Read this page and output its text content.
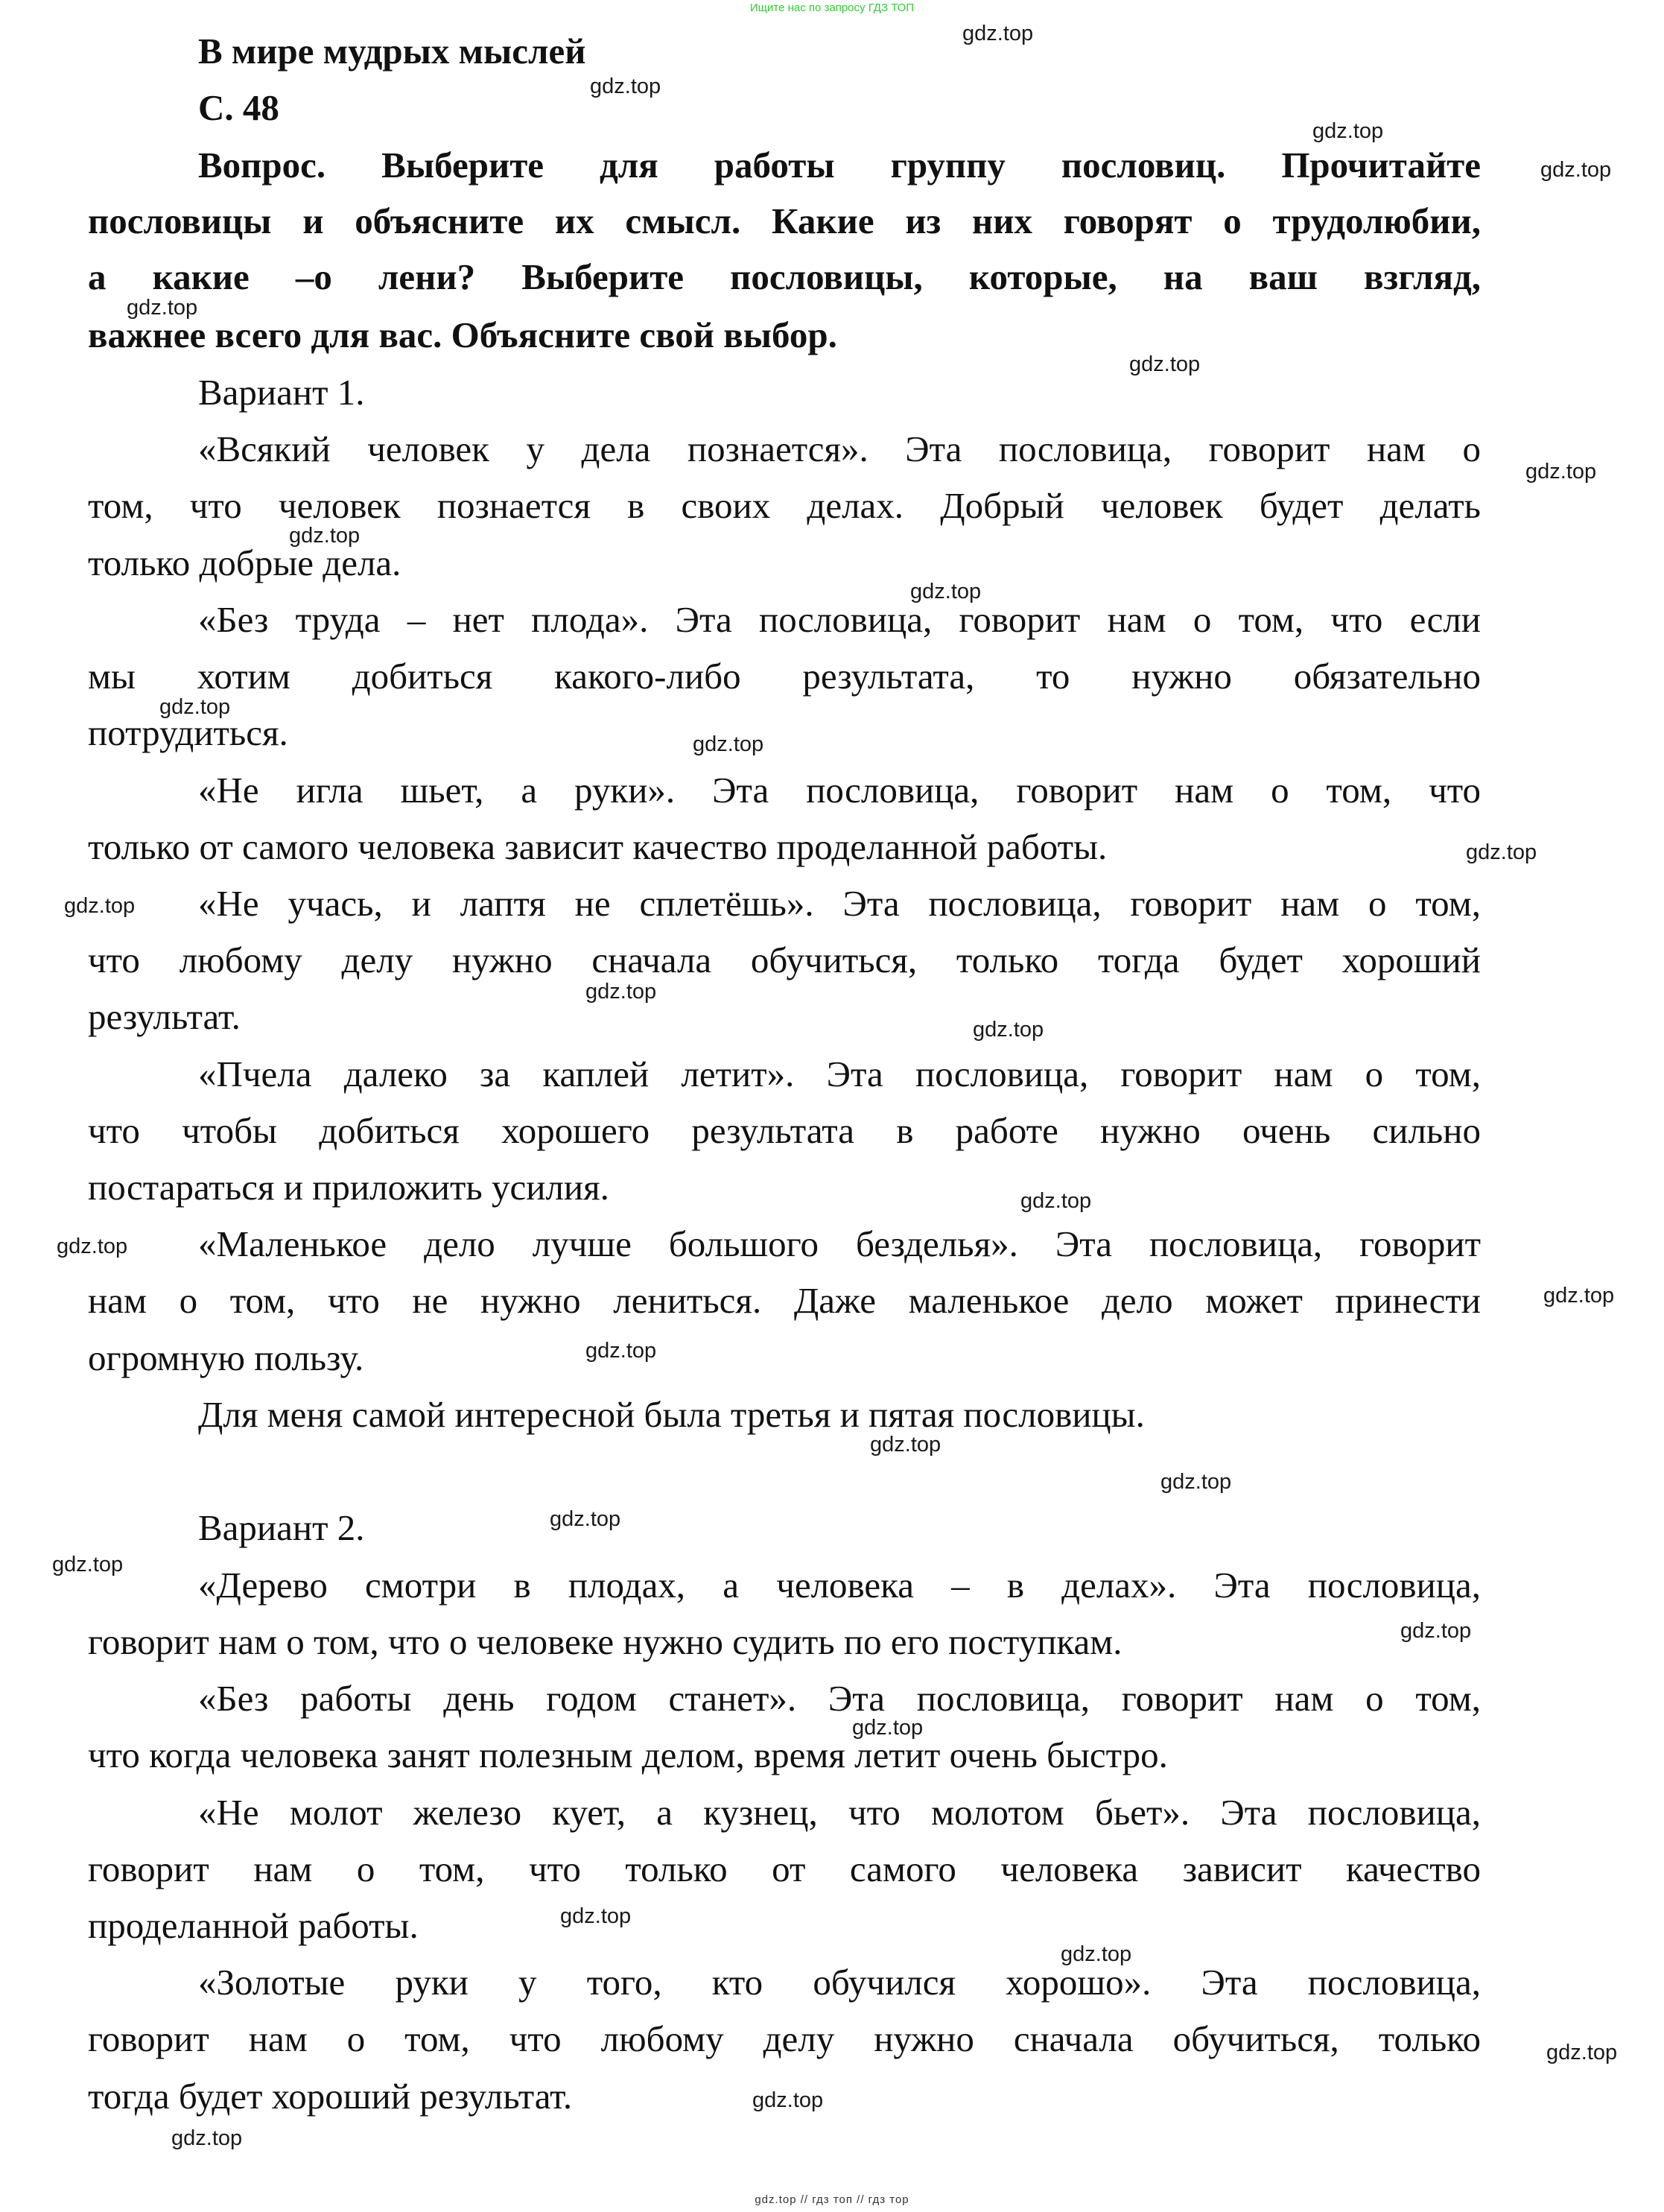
Ищите нас по запросу ГДЗ ТОП
В мире мудрых мыслей
С. 48
Вопрос. Выберите для работы группу пословиц. Прочитайте
пословицы и объясните их смысл. Какие из них говорят о трудолюбии,
а какие –о лени? Выберите пословицы, которые, на ваш взгляд,
важнее всего для вас. Объясните свой выбор.
Вариант 1.
«Всякий человек у дела познается». Эта пословица, говорит нам о
том, что человек познается в своих делах. Добрый человек будет делать
только добрые дела.
«Без труда – нет плода». Эта пословица, говорит нам о том, что если
мы хотим добиться какого-либо результата, то нужно обязательно
потрудиться.
«Не игла шьет, а руки». Эта пословица, говорит нам о том, что
только от самого человека зависит качество проделанной работы.
«Не учась, и лаптя не сплетёшь». Эта пословица, говорит нам о том,
что любому делу нужно сначала обучиться, только тогда будет хороший
результат.
«Пчела далеко за каплей летит». Эта пословица, говорит нам о том,
что чтобы добиться хорошего результата в работе нужно очень сильно
постараться и приложить усилия.
«Маленькое дело лучше большого безделья». Эта пословица, говорит
нам о том, что не нужно лениться. Даже маленькое дело может принести
огромную пользу.
Для меня самой интересной была третья и пятая пословицы.
Вариант 2.
«Дерево смотри в плодах, а человека – в делах». Эта пословица,
говорит нам о том, что о человеке нужно судить по его поступкам.
«Без работы день годом станет». Эта пословица, говорит нам о том,
что когда человека занят полезным делом, время летит очень быстро.
«Не молот железо кует, а кузнец, что молотом бьет». Эта пословица,
говорит нам о том, что только от самого человека зависит качество
проделанной работы.
«Золотые руки у того, кто обучился хорошо». Эта пословица,
говорит нам о том, что любому делу нужно сначала обучиться, только
тогда будет хороший результат.
gdz.top
gdz.top
gdz.top
gdz.top
gdz.top
gdz.top
gdz.top
gdz.top
gdz.top
gdz.top
gdz.top
gdz.top
gdz.top
gdz.top
gdz.top
gdz.top
gdz.top
gdz.top
gdz.top
gdz.top
gdz.top
gdz.top
gdz.top
gdz.top
gdz.top
gdz.top
gdz.top
gdz.top
gdz.top
gdz.top
gdz.top // гдз топ // гдз тор
